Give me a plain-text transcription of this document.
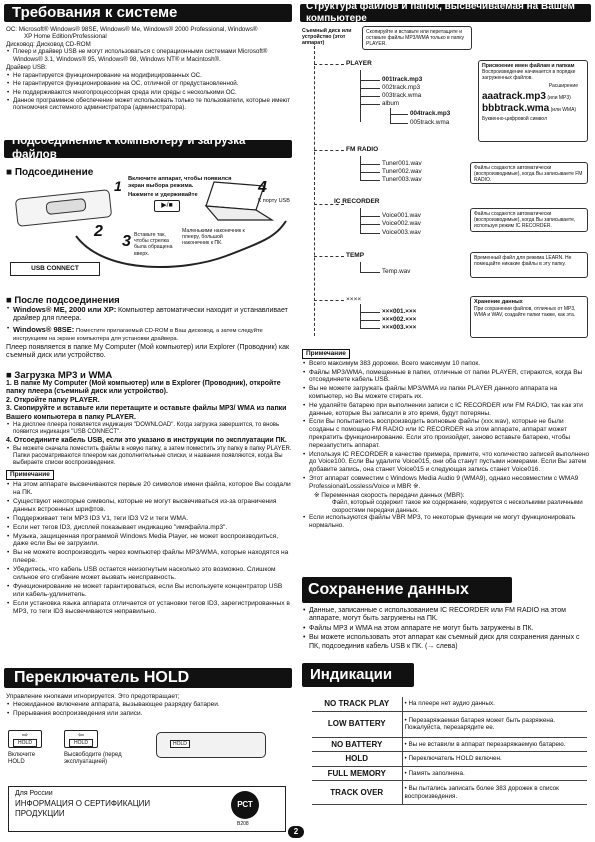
Требования к системе
ОС: Microsoft® Windows® 98SE, Windows® Me, Windows® 2000 Professional, Windows®
XP Home Edition/Professional
Дисковод: Дисковод CD-ROM
• Плеер и драйвер USB не могут использоваться с операционными системами Microsoft® Windows® 3.1, Windows® 95, Windows® 98, Windows NT® и Macintosh®.
Драйвер USB:
• Не гарантируется функционирование на модифицированных ОС.
• Не гарантируется функционирование на ОС, отличной от предустановленной.
• Не поддерживаются многопроцессорная среда или среды с несколькими ОС.
• Данное программное обеспечение может использовать только те пользователи, которые имеют полномочия системного администратора (администратора).
Подсоединение к компьютеру и загрузка файлов
■ Подсоединение
Включите аппарат, чтобы появился экран выбора режима.
Нажмите и удерживайте
1	4
2
3
▶/■
Вставьте так, чтобы стрелка была обращена вверх.
К порту USB
Маленькими наконечник к плееру, большой наконечник к ПК.
USB CONNECT
■ После подсоединения
• Windows® ME, 2000 или XP: Компьютер автоматически находит и устанавливает драйвер для плеера.
• Windows® 98SE: Поместите прилагаемый CD-ROM в Ваш дисковод, а затем следуйте инструкциям на экране компьютера для установки драйвера.
Плеер появляется в папке My Computer (Мой компьютер) или Explorer (Проводник) как съемный диск или устройство.
■ Загрузка MP3 и WMA
1. В папке My Computer (Мой компьютер) или в Explorer (Проводник), откройте папку плеера (съемный диск или устройство).
2. Откройте папку PLAYER.
3. Скопируйте и вставьте или перетащите и оставьте файлы MP3/ WMA из папки Вашего компьютера в папку PLAYER.
• На дисплее плеера появляется индикация "DOWNLOAD". Когда загрузка завершится, то вновь появится индикация "USB CONNECT".
4. Отсоедините кабель USB, если это указано в инструкции по эксплуатации ПК.
• Вы можете сначала поместить файлы в новую папку, а затем поместить эту папку в папку PLAYER. Папки рассматриваются плеером как дополнительные списки, и названия появляются, когда Вы выбираете списки воспроизведения.
Примечание
• На этом аппарате высвечиваются первые 20 символов имени файла, которое Вы создали на ПК.
• Существуют некоторые символы, которые не могут высвечиваться из-за ограничения данных встроенных шрифтов.
• Поддерживает теги MP3 ID3 V1, теги ID3 V2 и теги WMA.
• Если нет тегов ID3, дисплей показывает индикацию "имяфайла.mp3".
• Музыка, защищенная программой Windows Media Player, не может воспроизводиться, даже если Вы ее загрузили.
• Вы не можете воспроизводить через компьютер файлы MP3/WMA, которые находятся на плеере.
• Убедитесь, что кабель USB остается неизогнутым насколько это возможно. Слишком сильное его сгибание может вызвать неисправность.
• Функционирование не может гарантироваться, если Вы используете концентратор USB или кабель-удлинитель.
• Если установка языка аппарата отличается от установки тегов ID3, зарегистрированных в MP3, то теги ID3 высвечиваются неправильно.
Переключатель HOLD
Управление кнопками игнорируется. Это предотвращает;
• Неожиданное включение аппарата, вызывающее разрядку батареи.
• Прерывания воспроизведения или записи.
⇨
HOLD
⇦
HOLD
Включите HOLD
Высвободите (перед эксплуатацией)
HOLD
Для России
ИНФОРМАЦИЯ О СЕРТИФИКАЦИИ ПРОДУКЦИИ
РСТ
В208
Структура файлов и папок, высвечиваемая на Вашем компьютере
Съемный диск или устройство (этот аппарат)
Скопируйте и вставьте или перетащите и оставьте файлы MP3/WMA только в папку PLAYER.
PLAYER
001track.mp3
002track.mp3
003track.wma
album
004track.mp3
005track.wma
Присвоение имен файлам и папкам
Воспроизведение начинается в порядке загруженных файлов.
Расширение
aaatrack.mp3 (или MP3)
bbbtrack.wma (или WMA)
Буквенно-цифровой символ
FM RADIO
Tuner001.wav
Tuner002.wav
Tuner003.wav
Файлы создаются автоматически (воспроизводимые), когда Вы записываете FM RADIO.
IC RECORDER
Voice001.wav
Voice002.wav
Voice003.wav
Файлы создаются автоматически (воспроизводимые), когда Вы записываете, используя режим IC RECORDER.
TEMP
Temp.wav
Временный файл для режима LEARN. Не помещайте никакие файлы в эту папку.
××××
×××001.×××
×××002.×××
×××003.×××
Хранение данных
При сохранении файлов, отличных от MP3, WMA и WAV, создайте папки также, как эта.
Примечание
• Всего максимум 383 дорожки. Всего максимум 10 папок.
• Файлы MP3/WMA, помещенные в папки, отличные от папки PLAYER, стираются, когда Вы отсоединяете кабель USB.
• Вы не можете загружать файлы MP3/WMA из папки PLAYER данного аппарата на компьютер, но Вы можете стирать их.
• Не удаляйте батарею при выполнении записи с IC RECORDER или FM RADIO, так как эти данные, которые Вы записали в это время, будут потеряны.
• Если Вы попытаетесь воспроизводить волновые файлы (ххх.wav), которые не были созданы с помощью FM RADIO или IC RECORDER на этом аппарате, аппарат может прекратить функционирование. Если это произойдет, заново вставьте батарею, чтобы перезапустить аппарат.
• Используя IC RECORDER в качестве примера, примите, что количество записей выполнено до Voice100. Если Вы удалите Voice015, они оба станут пустыми номерами. Если Вы затем добавите запись, она станет Voice015 и следующая запись станет Voice016.
• Этот аппарат совместим с Windows Media Audio 9 (WMA9), однако несовместим с WMA9 Professional/Lossless/Voice и MBR ※.
※ Переменная скорость передачи данных (MBR):
Файл, который содержит такое же содержание, кодируется с несколькими различными скоростями передачи данных.
• Если используются файлы VBR MP3, то некоторые функции не могут функционировать нормально.
Сохранение данных
• Данные, записанные с использованием IC RECORDER или FM RADIO на этом аппарате, могут быть загружены на ПК.
• Файлы MP3 и WMA на этом аппарате не могут быть загружены в ПК.
• Вы можете использовать этот аппарат как съемный диск для сохранения данных с ПК, подсоединив кабель USB к ПК. (→ слева)
Индикации
NO TRACK PLAY	• На плеере нет аудио данных.
LOW BATTERY	• Перезаряжаемая батарея может быть разряжена. Пожалуйста, перезарядите ее.
NO BATTERY	• Вы не вставили в аппарат перезаряжаемую батарею.
HOLD	• Переключатель HOLD включен.
FULL MEMORY	• Память заполнена.
TRACK OVER	• Вы пытались записать более 383 дорожек в список воспроизведения.
2
